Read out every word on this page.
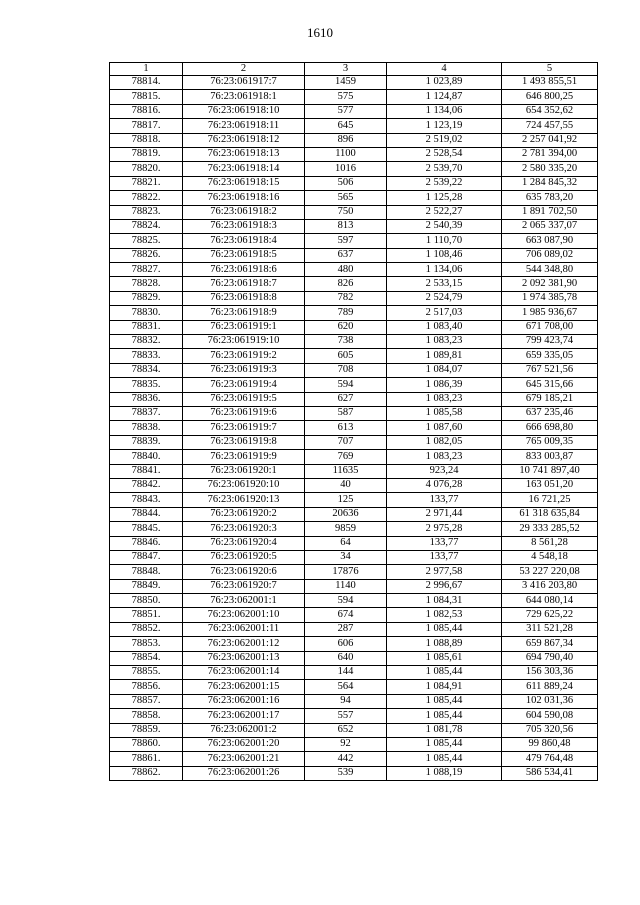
1610
1	2	3	4	5
78814.	76:23:061917:7	1459	1 023,89	1 493 855,51
78815.	76:23:061918:1	575	1 124,87	646 800,25
78816.	76:23:061918:10	577	1 134,06	654 352,62
78817.	76:23:061918:11	645	1 123,19	724 457,55
78818.	76:23:061918:12	896	2 519,02	2 257 041,92
78819.	76:23:061918:13	1100	2 528,54	2 781 394,00
78820.	76:23:061918:14	1016	2 539,70	2 580 335,20
78821.	76:23:061918:15	506	2 539,22	1 284 845,32
78822.	76:23:061918:16	565	1 125,28	635 783,20
78823.	76:23:061918:2	750	2 522,27	1 891 702,50
78824.	76:23:061918:3	813	2 540,39	2 065 337,07
78825.	76:23:061918:4	597	1 110,70	663 087,90
78826.	76:23:061918:5	637	1 108,46	706 089,02
78827.	76:23:061918:6	480	1 134,06	544 348,80
78828.	76:23:061918:7	826	2 533,15	2 092 381,90
78829.	76:23:061918:8	782	2 524,79	1 974 385,78
78830.	76:23:061918:9	789	2 517,03	1 985 936,67
78831.	76:23:061919:1	620	1 083,40	671 708,00
78832.	76:23:061919:10	738	1 083,23	799 423,74
78833.	76:23:061919:2	605	1 089,81	659 335,05
78834.	76:23:061919:3	708	1 084,07	767 521,56
78835.	76:23:061919:4	594	1 086,39	645 315,66
78836.	76:23:061919:5	627	1 083,23	679 185,21
78837.	76:23:061919:6	587	1 085,58	637 235,46
78838.	76:23:061919:7	613	1 087,60	666 698,80
78839.	76:23:061919:8	707	1 082,05	765 009,35
78840.	76:23:061919:9	769	1 083,23	833 003,87
78841.	76:23:061920:1	11635	923,24	10 741 897,40
78842.	76:23:061920:10	40	4 076,28	163 051,20
78843.	76:23:061920:13	125	133,77	16 721,25
78844.	76:23:061920:2	20636	2 971,44	61 318 635,84
78845.	76:23:061920:3	9859	2 975,28	29 333 285,52
78846.	76:23:061920:4	64	133,77	8 561,28
78847.	76:23:061920:5	34	133,77	4 548,18
78848.	76:23:061920:6	17876	2 977,58	53 227 220,08
78849.	76:23:061920:7	1140	2 996,67	3 416 203,80
78850.	76:23:062001:1	594	1 084,31	644 080,14
78851.	76:23:062001:10	674	1 082,53	729 625,22
78852.	76:23:062001:11	287	1 085,44	311 521,28
78853.	76:23:062001:12	606	1 088,89	659 867,34
78854.	76:23:062001:13	640	1 085,61	694 790,40
78855.	76:23:062001:14	144	1 085,44	156 303,36
78856.	76:23:062001:15	564	1 084,91	611 889,24
78857.	76:23:062001:16	94	1 085,44	102 031,36
78858.	76:23:062001:17	557	1 085,44	604 590,08
78859.	76:23:062001:2	652	1 081,78	705 320,56
78860.	76:23:062001:20	92	1 085,44	99 860,48
78861.	76:23:062001:21	442	1 085,44	479 764,48
78862.	76:23:062001:26	539	1 088,19	586 534,41
